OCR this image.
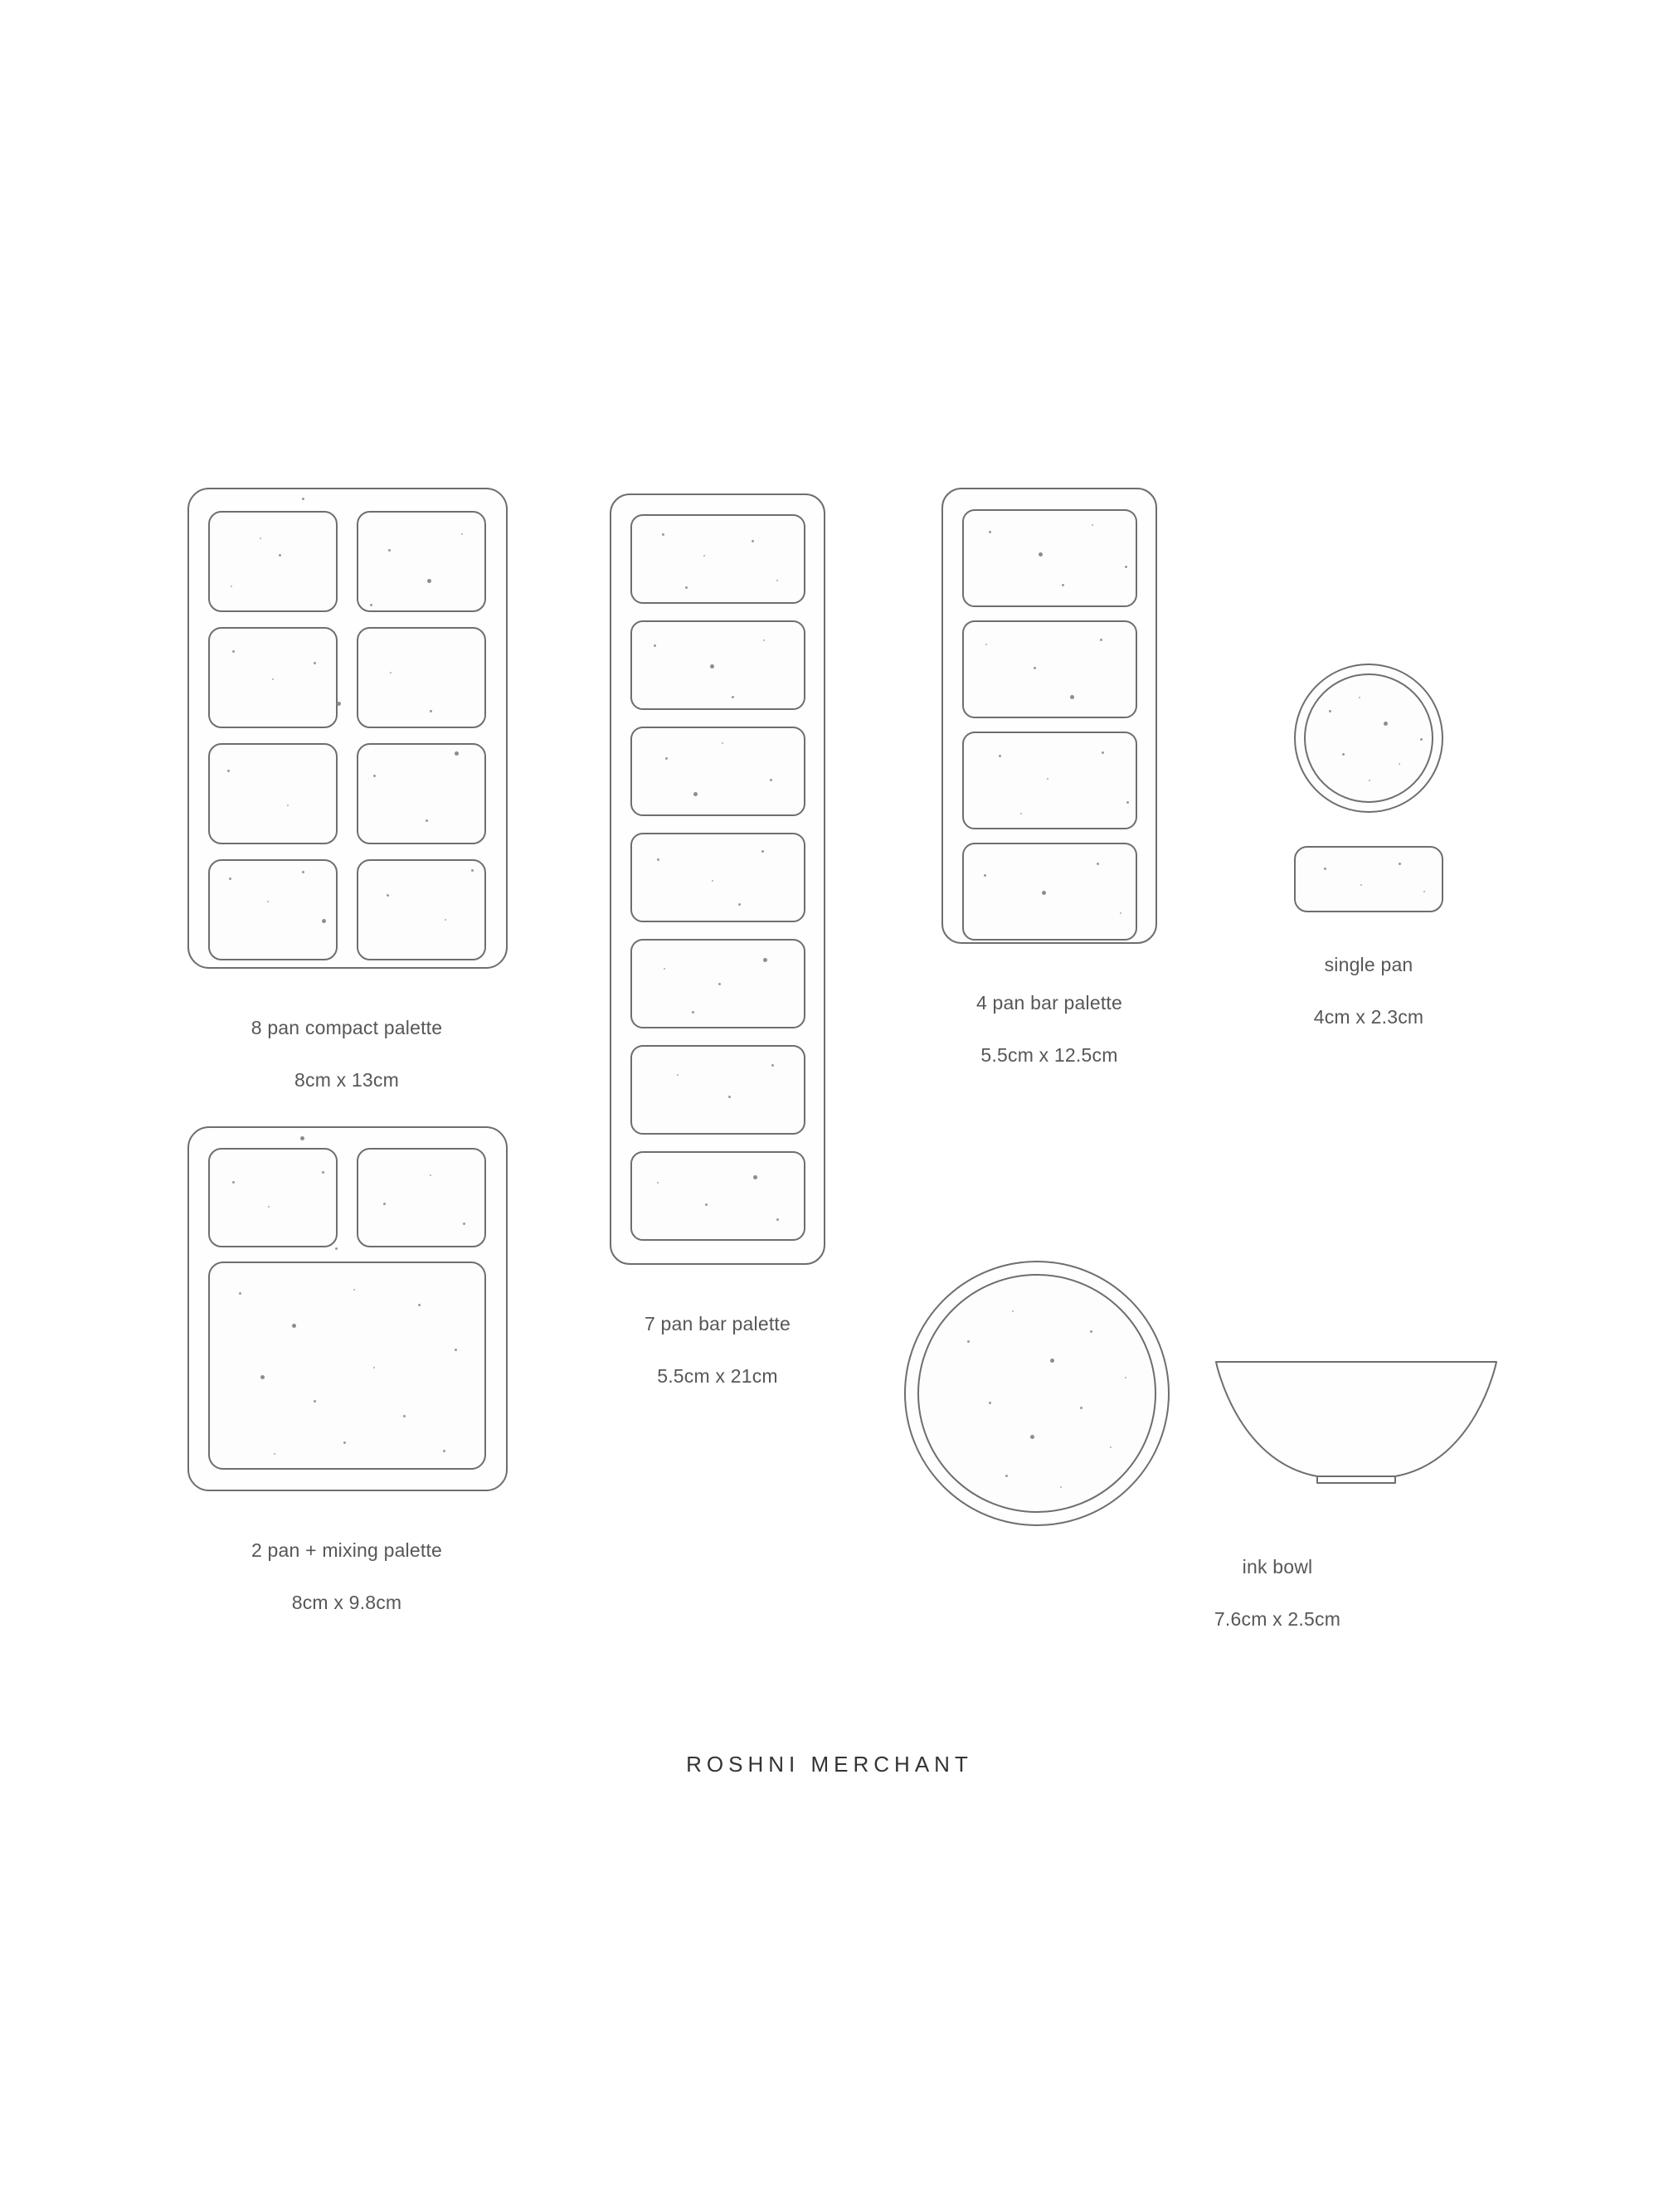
8 pan compact palette

8cm x 13cm

2 pan + mixing palette

8cm x 9.8cm

7 pan bar palette

5.5cm x 21cm

4 pan bar palette

5.5cm x 12.5cm

single pan

4cm x 2.3cm

ink bowl

7.6cm x 2.5cm

ROSHNI MERCHANT
